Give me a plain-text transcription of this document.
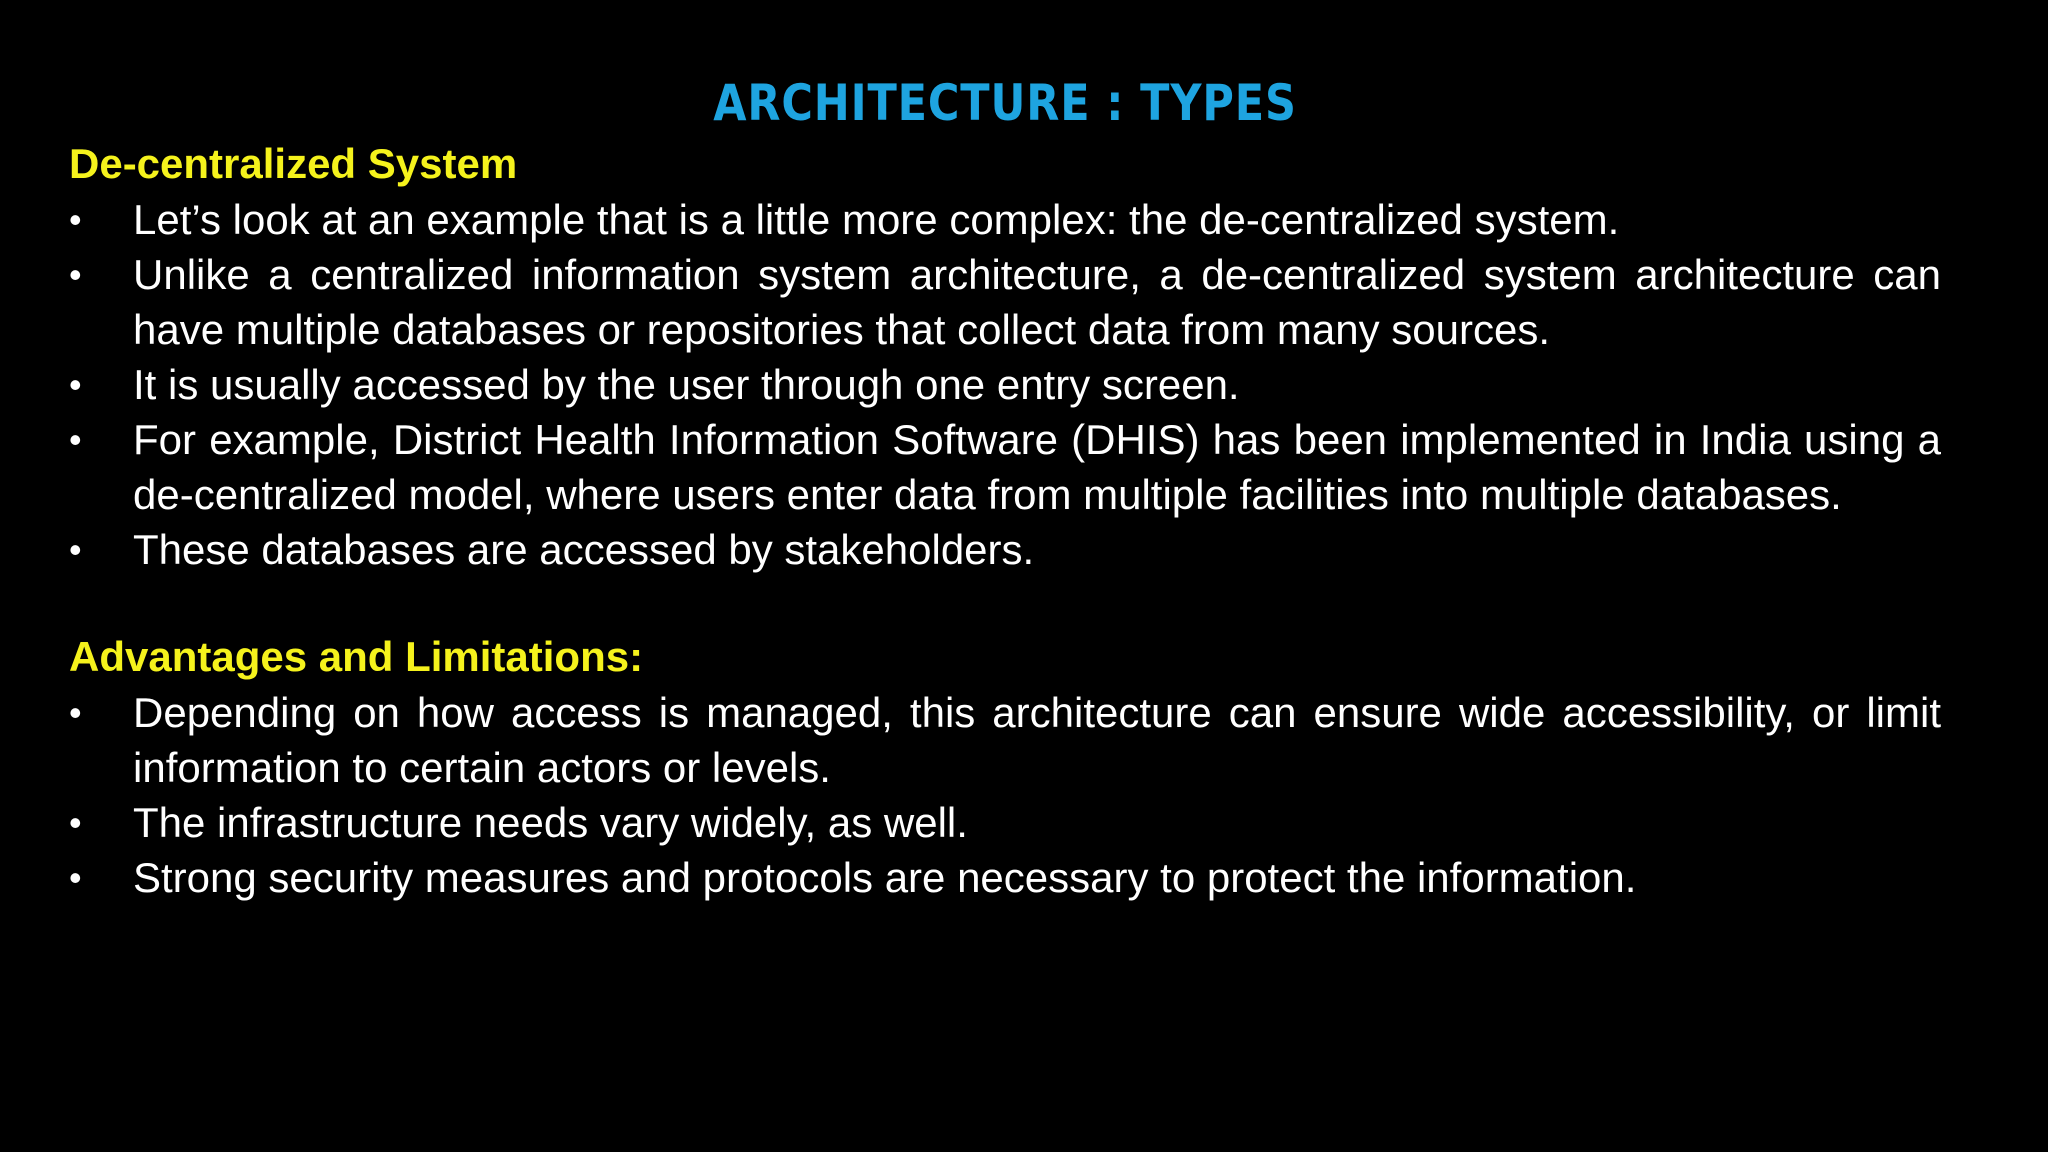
ARCHITECTURE : TYPES

De-centralized System

•	Let’s look at an example that is a little more complex: the de-centralized system.
•	Unlike a centralized information system architecture, a de-centralized system architecture can have multiple databases or repositories that collect data from many sources.
•	It is usually accessed by the user through one entry screen.
•	For example, District Health Information Software (DHIS) has been implemented in India using a de-centralized model, where users enter data from multiple facilities into multiple databases.
•	These databases are accessed by stakeholders.

Advantages and Limitations:

•	Depending on how access is managed, this architecture can ensure wide accessibility, or limit information to certain actors or levels.
•	The infrastructure needs vary widely, as well.
•	Strong security measures and protocols are necessary to protect the information.
